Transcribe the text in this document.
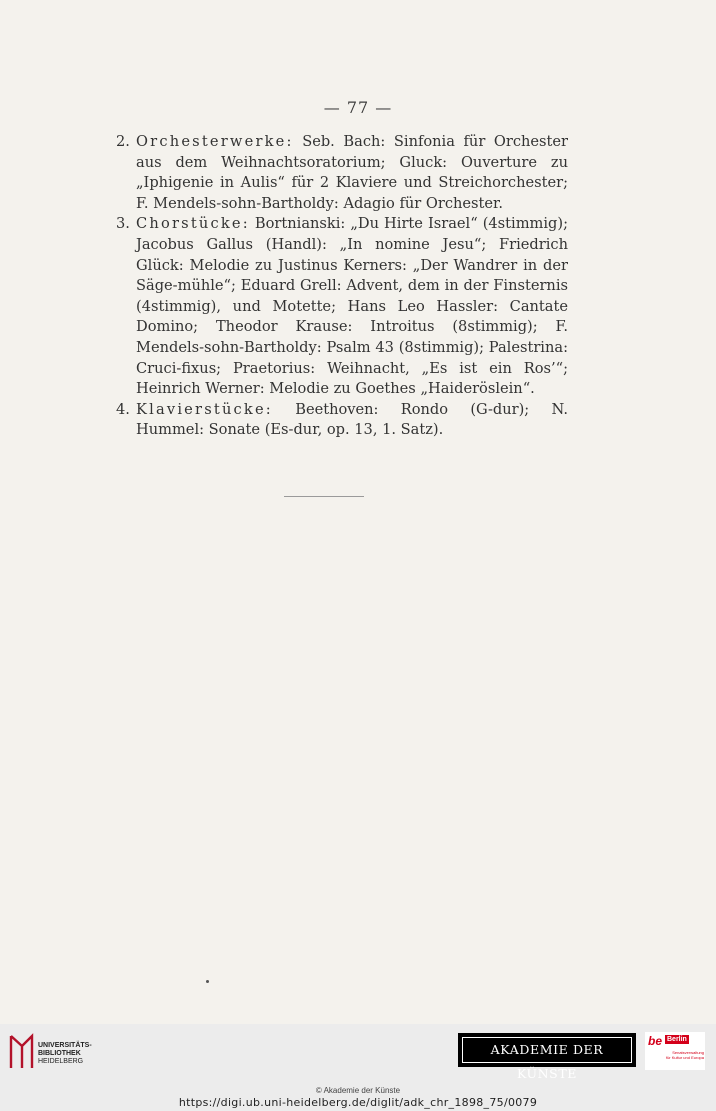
— 77 —
2. Orchesterwerke: Seb. Bach: Sinfonia für Orchester aus dem Weihnachtsoratorium; Gluck: Ouverture zu „Iphigenie in Aulis“ für 2 Klaviere und Streichorchester; F. Mendels-sohn-Bartholdy: Adagio für Orchester.
3. Chorstücke: Bortnianski: „Du Hirte Israel“ (4stimmig); Jacobus Gallus (Handl): „In nomine Jesu“; Friedrich Glück: Melodie zu Justinus Kerners: „Der Wandrer in der Säge-mühle“; Eduard Grell: Advent, dem in der Finsternis (4stimmig), und Motette; Hans Leo Hassler: Cantate Domino; Theodor Krause: Introitus (8stimmig); F. Mendels-sohn-Bartholdy: Psalm 43 (8stimmig); Palestrina: Cruci-fixus; Praetorius: Weihnacht, „Es ist ein Ros’“; Heinrich Werner: Melodie zu Goethes „Haideröslein“.
4. Klavierstücke: Beethoven: Rondo (G-dur); N. Hummel: Sonate (Es-dur, op. 13, 1. Satz).
UNIVERSITÄTS-
BIBLIOTHEK
HEIDELBERG
AKADEMIE DER KÜNSTE
be Berlin
Senatsverwaltung
für Kultur und Europa
© Akademie der Künste
https://digi.ub.uni-heidelberg.de/diglit/adk_chr_1898_75/0079
